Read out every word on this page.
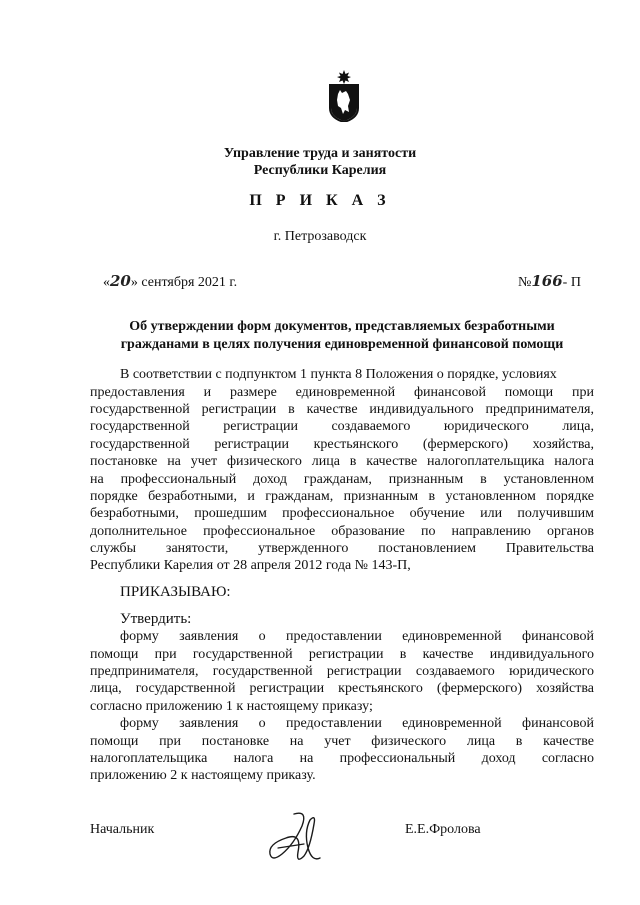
Управление труда и занятости
Республики Карелия
П Р И К А З
г. Петрозаводск
«20» сентября 2021 г.	№166- П
Об утверждении форм документов, представляемых безработными
гражданами в целях получения единовременной финансовой помощи
В соответствии с подпунктом 1 пункта 8 Положения о порядке, условиях
предоставления и размере единовременной финансовой помощи при
государственной регистрации в качестве индивидуального предпринимателя,
государственной регистрации создаваемого юридического лица,
государственной регистрации крестьянского (фермерского) хозяйства,
постановке на учет физического лица в качестве налогоплательщика налога
на профессиональный доход гражданам, признанным в установленном
порядке безработными, и гражданам, признанным в установленном порядке
безработными, прошедшим профессиональное обучение или получившим
дополнительное профессиональное образование по направлению органов
службы занятости, утвержденного постановлением Правительства
Республики Карелия от 28 апреля 2012 года № 143-П,
ПРИКАЗЫВАЮ:
Утвердить:
форму заявления о предоставлении единовременной финансовой
помощи при государственной регистрации в качестве индивидуального
предпринимателя, государственной регистрации создаваемого юридического
лица, государственной регистрации крестьянского (фермерского) хозяйства
согласно приложению 1 к настоящему приказу;
форму заявления о предоставлении единовременной финансовой
помощи при постановке на учет физического лица в качестве
налогоплательщика налога на профессиональный доход согласно
приложению 2 к настоящему приказу.
Начальник	Е.Е.Фролова
